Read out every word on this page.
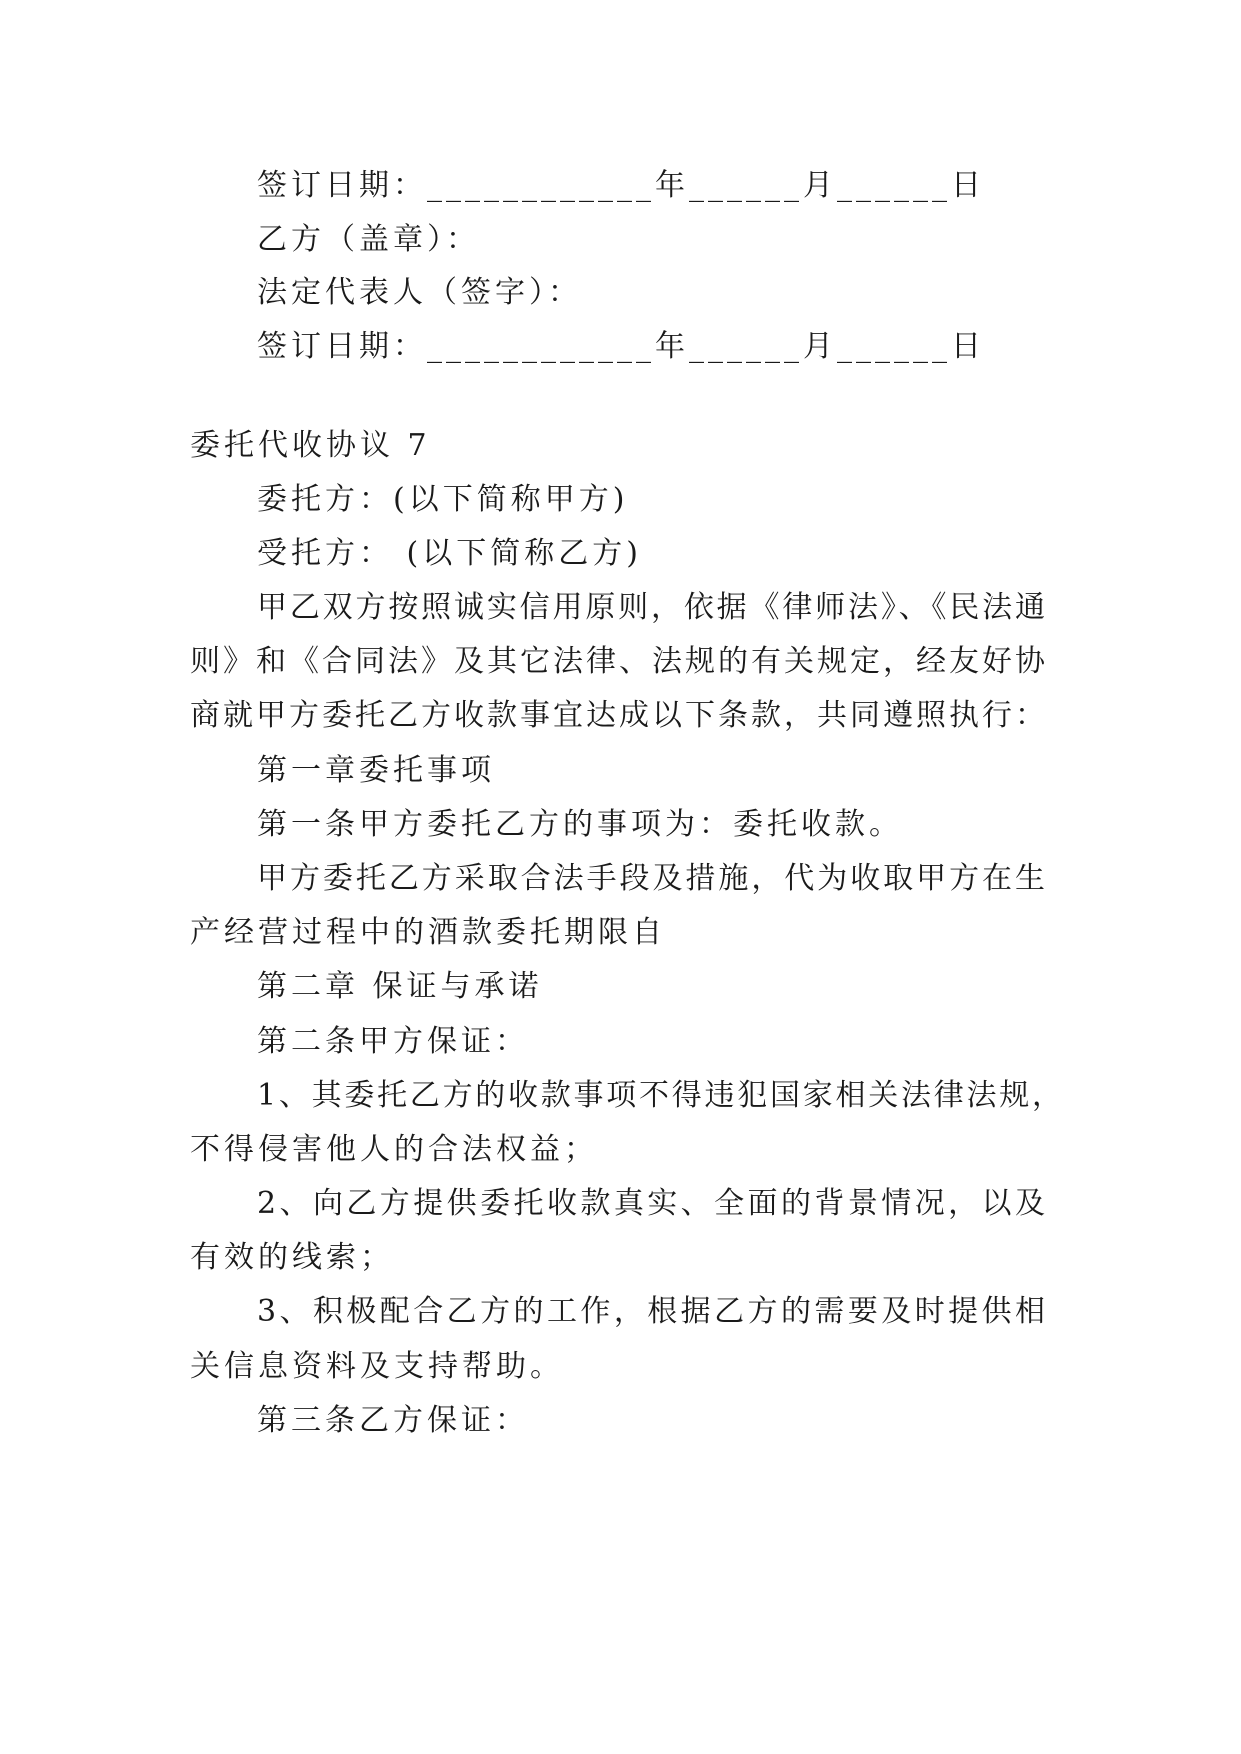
签订日期：____________年______月______日
乙方（盖章）：
法定代表人（签字）：
签订日期：____________年______月______日
委托代收协议 7
委托方：(以下简称甲方)
受托方： (以下简称乙方)
甲乙双方按照诚实信用原则，依据《律师法》、《民法通
则》和《合同法》及其它法律、法规的有关规定，经友好协
商就甲方委托乙方收款事宜达成以下条款，共同遵照执行：
第一章委托事项
第一条甲方委托乙方的事项为：委托收款。
甲方委托乙方采取合法手段及措施，代为收取甲方在生
产经营过程中的酒款委托期限自
第二章 保证与承诺
第二条甲方保证：
1、其委托乙方的收款事项不得违犯国家相关法律法规，
不得侵害他人的合法权益；
2、向乙方提供委托收款真实、全面的背景情况，以及
有效的线索；
3、积极配合乙方的工作，根据乙方的需要及时提供相
关信息资料及支持帮助。
第三条乙方保证：
